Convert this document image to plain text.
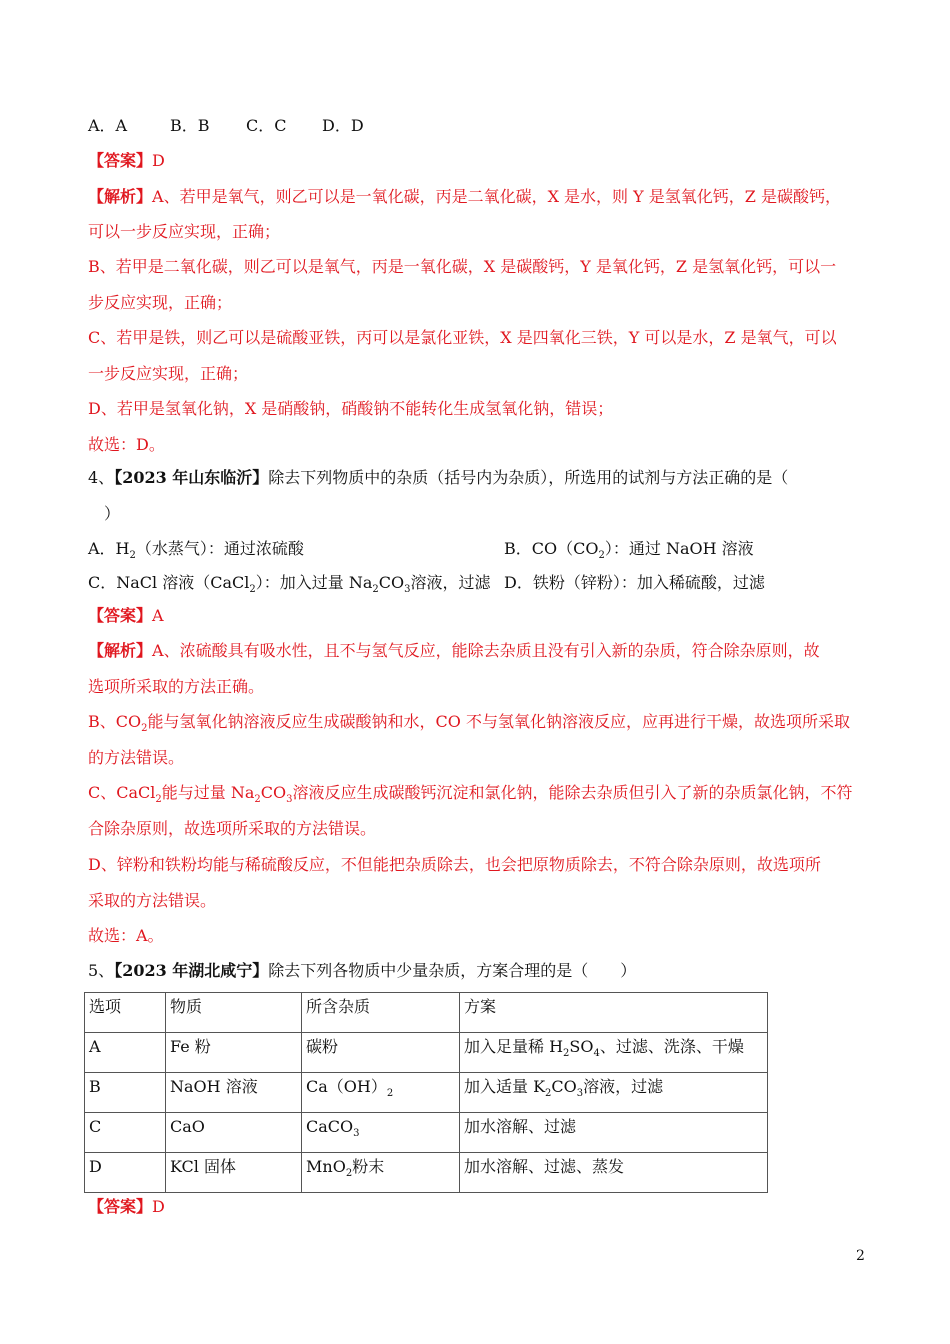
A．A	B．B C．C D．D
【答案】D
【解析】A、若甲是氧气，则乙可以是一氧化碳，丙是二氧化碳，X 是水，则 Y 是氢氧化钙，Z 是碳酸钙，
可以一步反应实现，正确；
B、若甲是二氧化碳，则乙可以是氧气，丙是一氧化碳，X 是碳酸钙，Y 是氧化钙，Z 是氢氧化钙，可以一
步反应实现，正确；
C、若甲是铁，则乙可以是硫酸亚铁，丙可以是氯化亚铁，X 是四氧化三铁，Y 可以是水，Z 是氧气，可以
一步反应实现，正确；
D、若甲是氢氧化钠，X 是硝酸钠，硝酸钠不能转化生成氢氧化钠，错误；
故选：D。
4、【2023 年山东临沂】除去下列物质中的杂质（括号内为杂质），所选用的试剂与方法正确的是（
）
A．$H_2$（水蒸气）：通过浓硫酸	B．$CO(CO_2)$：通过 NaOH 溶液
C．NaCl 溶液（CaCl$_2$）：加入过量 $Na_2CO_3$溶液，过滤 D．铁粉（锌粉）：加入稀硫酸，过滤
【答案】A
【解析】A、浓硫酸具有吸水性，且不与氢气反应，能除去杂质且没有引入新的杂质，符合除杂原则，故
选项所采取的方法正确。
B、$CO_2$能与氢氧化钠溶液反应生成碳酸钠和水，CO 不与氢氧化钠溶液反应，应再进行干燥，故选项所采取
的方法错误。
C、CaCl$_2$能与过量 $Na_2CO_3$溶液反应生成碳酸钙沉淀和氯化钠，能除去杂质但引入了新的杂质氯化钠，不符
合除杂原则，故选项所采取的方法错误。
D、锌粉和铁粉均能与稀硫酸反应，不但能把杂质除去，也会把原物质除去，不符合除杂原则，故选项所
采取的方法错误。
故选：A。
5、【2023 年湖北咸宁】除去下列各物质中少量杂质，方案合理的是（　　）
选项	物质	所含杂质	方案
A	Fe 粉	碳粉	加入足量稀 $H_2SO_4$、过滤、洗涤、干燥
B	NaOH 溶液	$Ca(OH)_2$	加入适量 $K_2CO_3$溶液，过滤
C	CaO	CaCO$_3$	加水溶解、过滤
D	KCl 固体	MnO$_2$粉末	加水溶解、过滤、蒸发
【答案】D
2
